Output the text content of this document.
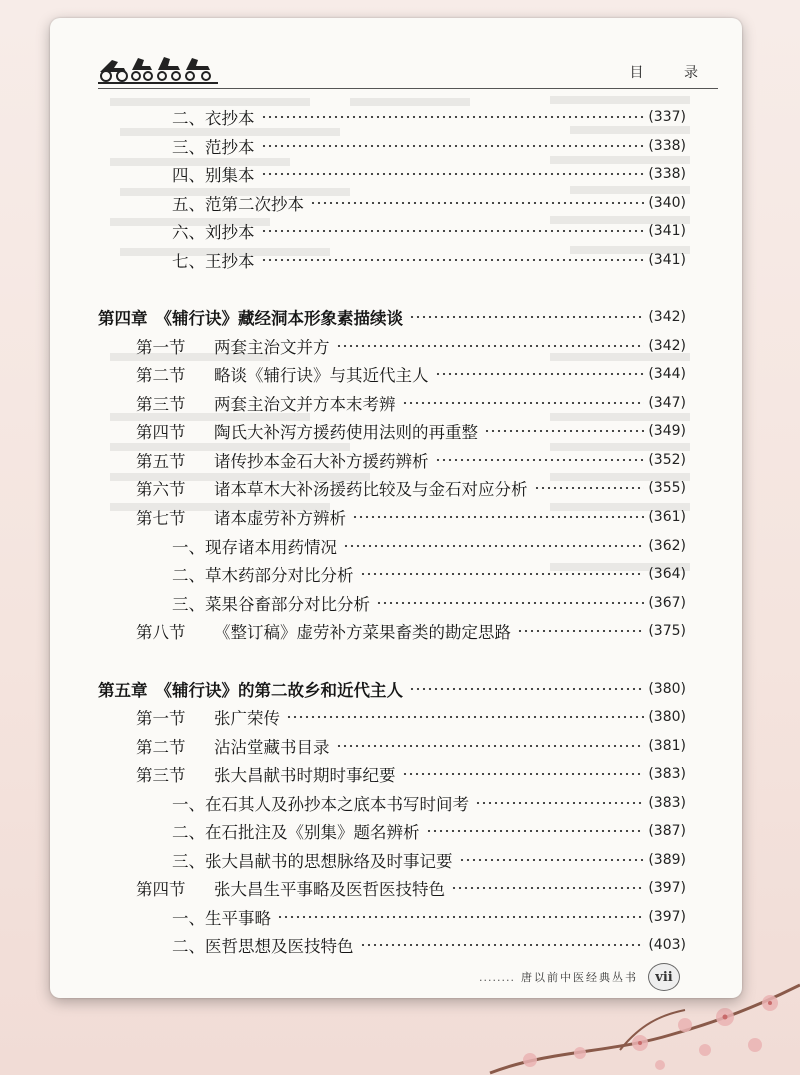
目 录
二、衣抄本	(337)
三、范抄本	(338)
四、别集本	(338)
五、范第二次抄本	(340)
六、刘抄本	(341)
七、王抄本	(341)
第四章 《辅行诀》藏经洞本形象素描续谈	(342)
第一节	两套主治文并方	(342)
第二节	略谈《辅行诀》与其近代主人	(344)
第三节	两套主治文并方本末考辨	(347)
第四节	陶氏大补泻方援药使用法则的再重整	(349)
第五节	诸传抄本金石大补方援药辨析	(352)
第六节	诸本草木大补汤援药比较及与金石对应分析	(355)
第七节	诸本虚劳补方辨析	(361)
一、现存诸本用药情况	(362)
二、草木药部分对比分析	(364)
三、菜果谷畜部分对比分析	(367)
第八节	《整订稿》虚劳补方菜果畜类的勘定思路	(375)
第五章 《辅行诀》的第二故乡和近代主人	(380)
第一节	张广荣传	(380)
第二节	沾沾堂藏书目录	(381)
第三节	张大昌献书时期时事纪要	(383)
一、在石其人及孙抄本之底本书写时间考	(383)
二、在石批注及《别集》题名辨析	(387)
三、张大昌献书的思想脉络及时事记要	(389)
第四节	张大昌生平事略及医哲医技特色	(397)
一、生平事略	(397)
二、医哲思想及医技特色	(403)
........ 唐以前中医经典丛书	vii
